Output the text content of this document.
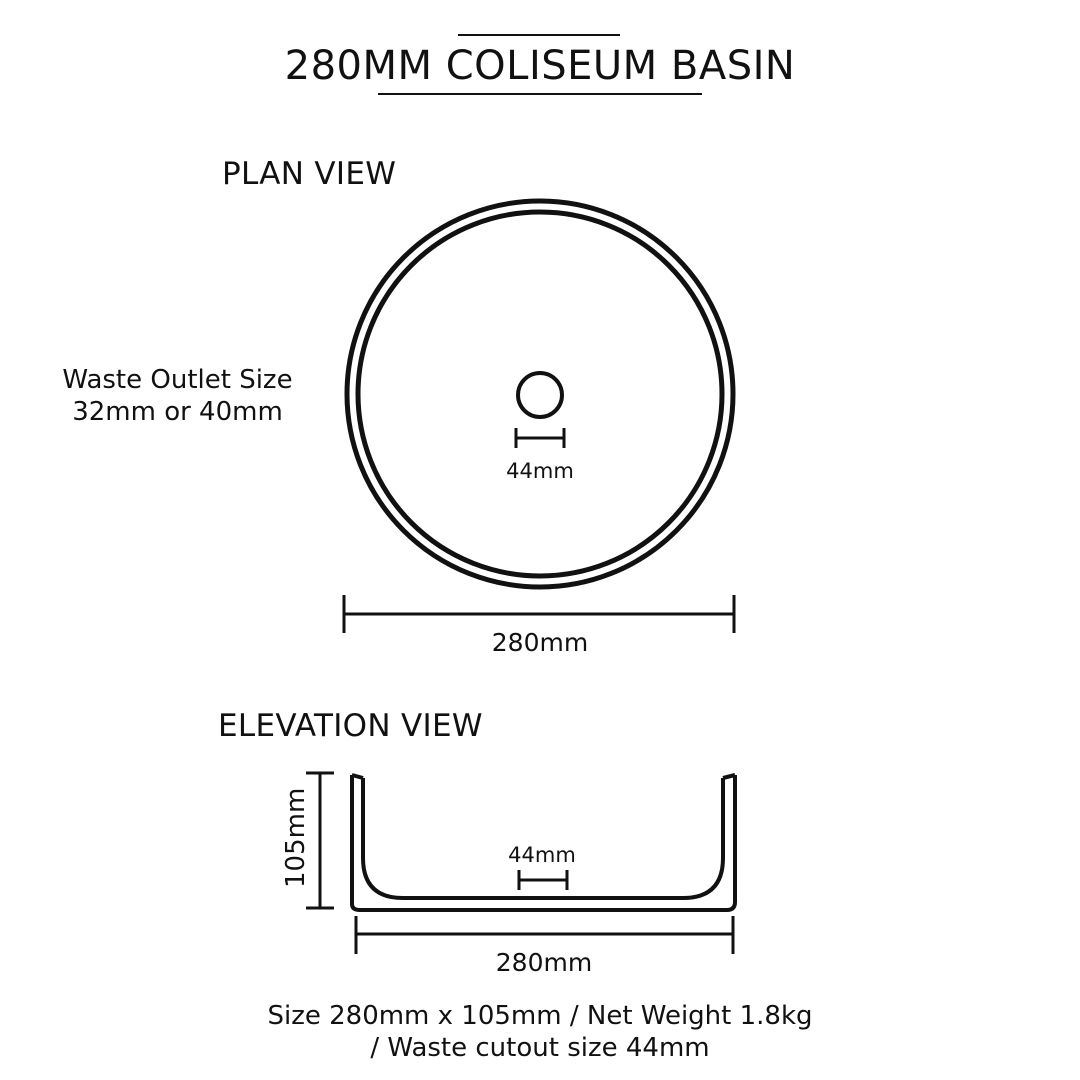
280MM COLISEUM BASIN
PLAN VIEW
Waste Outlet Size
32mm or 40mm
44mm
280mm
ELEVATION VIEW
105mm	44mm
280mm
Size 280mm x 105mm / Net Weight 1.8kg
/ Waste cutout size 44mm
